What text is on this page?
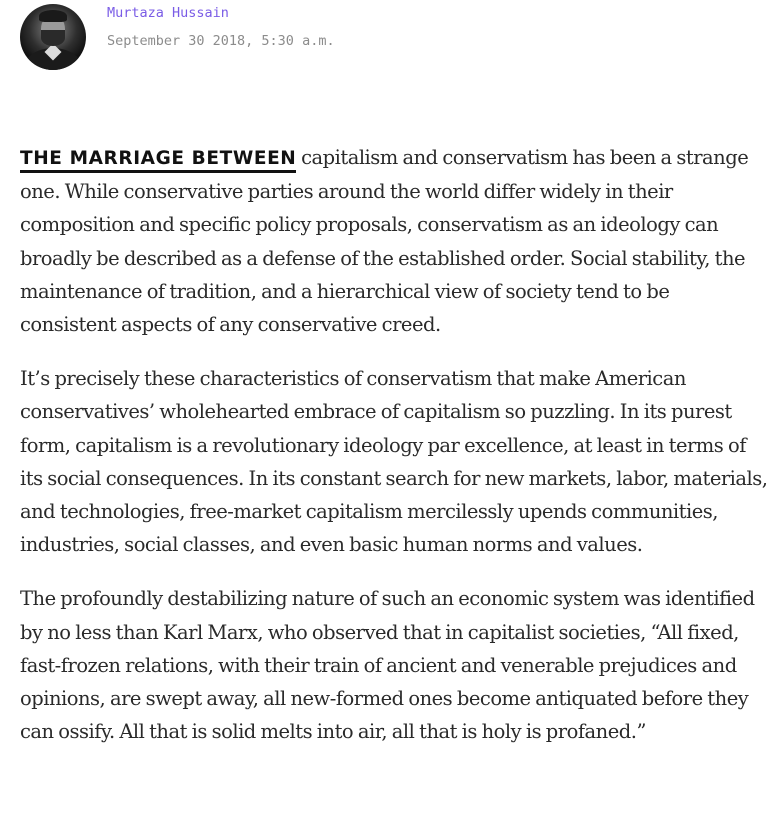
Murtaza Hussain
September 30 2018, 5:30 a.m.

THE MARRIAGE BETWEEN capitalism and conservatism has been a strange one. While conservative parties around the world differ widely in their composition and specific policy proposals, conservatism as an ideology can broadly be described as a defense of the established order. Social stability, the maintenance of tradition, and a hierarchical view of society tend to be consistent aspects of any conservative creed.

It’s precisely these characteristics of conservatism that make American conservatives’ wholehearted embrace of capitalism so puzzling. In its purest form, capitalism is a revolutionary ideology par excellence, at least in terms of its social consequences. In its constant search for new markets, labor, materials, and technologies, free-market capitalism mercilessly upends communities, industries, social classes, and even basic human norms and values.

The profoundly destabilizing nature of such an economic system was identified by no less than Karl Marx, who observed that in capitalist societies, “All fixed, fast-frozen relations, with their train of ancient and venerable prejudices and opinions, are swept away, all new-formed ones become antiquated before they can ossify. All that is solid melts into air, all that is holy is profaned.”
